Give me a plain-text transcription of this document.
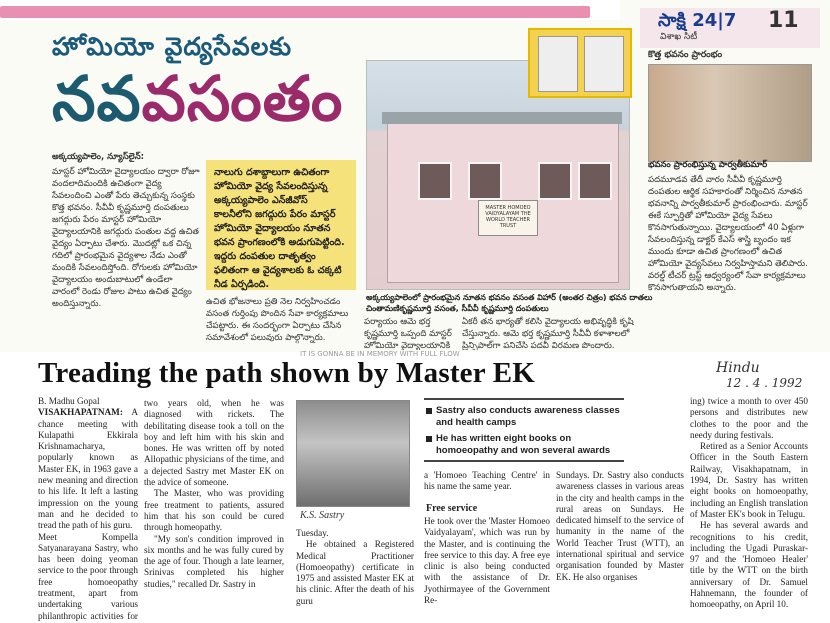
సాక్షి 24|7 11
విశాఖ సిటీ
హోమియో వైద్యసేవలకు
నవవసంతం
అక్కయ్యపాలెం, న్యూస్‌లైన్:
మాస్టర్ హోమియో వైద్యాలయం ద్వారా రోజూ వందలాదిమందికి ఉచితంగా వైద్య సేవలందించి ఎంతో పేరు తెచ్చుకున్న సంస్థకు కొత్త భవనం. సీవీవీ కృష్ణమూర్తి దంపతులు జగద్గురు పేరం మాస్టర్ హోమియో వైద్యాలయానికి జగద్గురు పంతుల వద్ద ఉచిత వైద్యం ఏర్పాటు చేశారు. మొదట్లో ఒక చిన్న గదిలో ప్రారంభమైన వైద్యశాల నేడు ఎంతో మందికి సేవలందిస్తోంది. రోగులకు హోమియో వైద్యాలయం అందుబాటులో ఉండేలా వారంలో రెండు రోజుల పాటు ఉచిత వైద్యం అందిస్తున్నారు.
నాలుగు దశాబ్దాలుగా ఉచితంగా హోమియో వైద్య సేవలందిస్తున్న అక్కయ్యపాలెం ఎన్‌జీవోస్ కాలనీలోని జగద్గురు పేరం మాస్టర్ హోమియో వైద్యాలయం నూతన భవన ప్రాంగణంలోకి అడుగుపెట్టింది. ఇద్దరు దంపతుల దాతృత్వం ఫలితంగా ఆ వైద్యశాలకు ఓ చక్కటి నీడ ఏర్పడింది.
ఉచిత భోజనాలు ప్రతి నెల నిర్వహించడం వసంత గుర్తింపు పొందిన సేవా కార్యక్రమాలు చేపట్టారు. ఈ సందర్భంగా ఏర్పాటు చేసిన సమావేశంలో పలువురు పాల్గొన్నారు.
MASTER HOMOEO VAIDYALAYAM THE WORLD TEACHER TRUST
అక్కయ్యపాలెంలో ప్రారంభమైన నూతన భవనం వసంత విహార్ (అంతర చిత్రం) భవన దాతలు చింతామణికృష్ణమూర్తి వసంత, సీవీవీ కృష్ణమూర్తి దంపతులు
కొత్త భవనం ప్రారంభం
భవనం ప్రారంభిస్తున్న పార్వతీకుమార్
పదమూడవ తేదీ వారం సీవీవీ కృష్ణమూర్తి దంపతుల ఆర్థిక సహకారంతో నిర్మించిన నూతన భవనాన్ని పార్వతీకుమార్ ప్రారంభించారు. మాస్టర్ ఈకే స్ఫూర్తితో హోమియో వైద్య సేవలు కొనసాగుతున్నాయి. వైద్యాలయంలో 40 ఏళ్లుగా సేవలందిస్తున్న డాక్టర్ కేఎస్ శాస్త్రి బృందం ఇక ముందు కూడా ఉచిత ప్రాంగణంలో ఉచిత హోమియో వైద్యసేవలు నిర్వహిస్తామని తెలిపారు. వరల్డ్ టీచర్ ట్రస్ట్ ఆధ్వర్యంలో సేవా కార్యక్రమాలు కొనసాగుతాయని అన్నారు.
పర్యాయం ఆమె భర్త కృష్ణమూర్తి ఒప్పంది మాస్టర్ హోమియో వైద్యాలయానికి
ఏకరీ తన భార్యతో కలిసి వైద్యాలయ అభివృద్ధికి కృషి చేస్తున్నారు. ఆమె భర్త కృష్ణమూర్తి సీవీవీ కళాశాలలో ప్రిన్సిపాల్‌గా పనిచేసి పదవీ విరమణ పొందారు.
IT IS GONNA BE IN MEMORY WITH FULL FLOW
Treading the path shown by Master EK	Hindu
12 . 4 . 1992

B. Madhu Gopal

VISAKHAPATNAM: A chance meeting with Kulapathi Ekkirala Krishnamacharya, popularly known as Master EK, in 1963 gave a new meaning and direction to his life. It left a lasting impression on the young man and he decided to tread the path of his guru.

Meet Kompella Satyanarayana Sastry, who has been doing yeoman service to the poor through free homoeopathy treatment, apart from undertaking various philanthropic activities for

two years old, when he was diagnosed with rickets. The debilitating disease took a toll on the boy and left him with his skin and bones. He was written off by noted Allopathic physicians of the time, and a dejected Sastry met Master EK on the advice of someone.

The Master, who was providing free treatment to patients, assured him that his son could be cured through homeopathy.

"My son's condition improved in six months and he was fully cured by the age of four. Though a late learner, Srinivas completed his higher studies," recalled Dr. Sastry in

K.S. Sastry

Tuesday.

He obtained a Registered Medical Practitioner (Homoeopathy) certificate in 1975 and assisted Master EK at his clinic. After the death of his guru

Sastry also conducts awareness classes and health camps
He has written eight books on homoeopathy and won several awards
a 'Homoeo Teaching Centre' in his name the same year.
Free service
He took over the 'Master Homoeo Vaidyalayam', which was run by the Master, and is continuing the free service to this day. A free eye clinic is also being conducted with the assistance of Dr. Jyothirmayee of the Government Re-
Sundays. Dr. Sastry also conducts awareness classes in various areas in the city and health camps in the rural areas on Sundays. He dedicated himself to the service of humanity in the name of the World Teacher Trust (WTT), an international spiritual and service organisation founded by Master EK. He also organises

ing) twice a month to over 450 persons and distributes new clothes to the poor and the needy during festivals.

Retired as a Senior Accounts Officer in the South Eastern Railway, Visakhapatnam, in 1994, Dr. Sastry has written eight books on homoeopathy, including an English translation of Master EK's book in Telugu.

He has several awards and recognitions to his credit, including the Ugadi Puraskar-97 and the 'Homoeo Healer' title by the WTT on the birth anniversary of Dr. Samuel Hahnemann, the founder of homoeopathy, on April 10.
